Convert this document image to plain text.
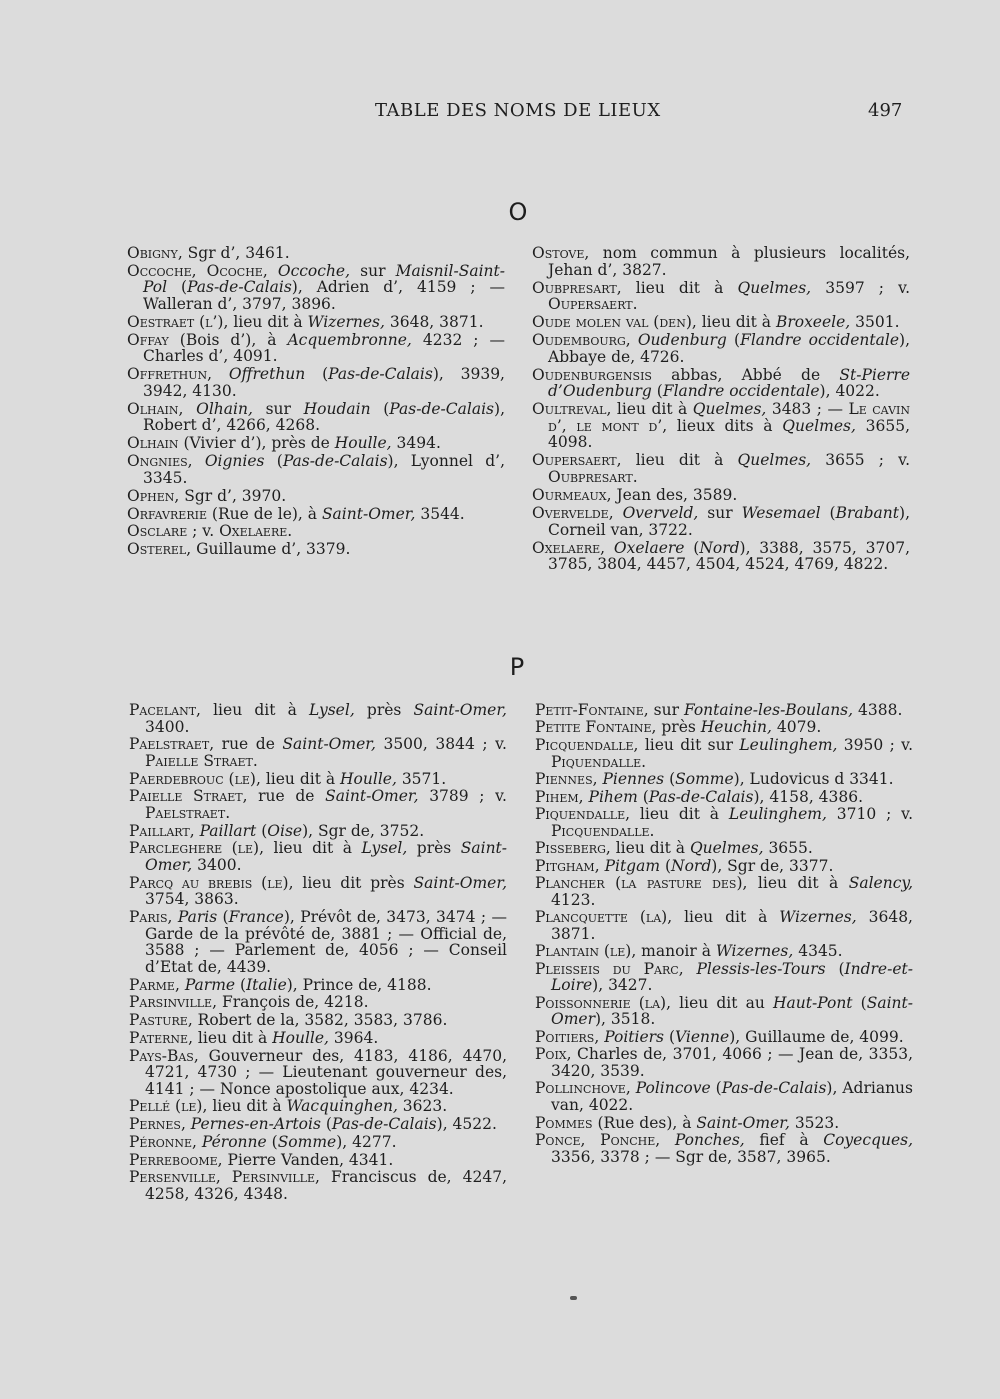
TABLE DES NOMS DE LIEUX	497
O
Obigny, Sgr d’, 3461.
Occoche, Ocoche, Occoche, sur Maisnil-Saint-Pol (Pas-de-Calais), Adrien d’, 4159 ; — Walleran d’, 3797, 3896.
Oestraet (l’), lieu dit à Wizernes, 3648, 3871.
Offay (Bois d’), à Acquembronne, 4232 ; — Charles d’, 4091.
Offrethun, Offrethun (Pas-de-Calais), 3939, 3942, 4130.
Olhain, Olhain, sur Houdain (Pas-de-Calais), Robert d’, 4266, 4268.
Olhain (Vivier d’), près de Houlle, 3494.
Ongnies, Oignies (Pas-de-Calais), Lyonnel d’, 3345.
Ophen, Sgr d’, 3970.
Orfavrerie (Rue de le), à Saint-Omer, 3544.
Osclare ; v. Oxelaere.
Osterel, Guillaume d’, 3379.
Ostove, nom commun à plusieurs localités, Jehan d’, 3827.
Oubpresart, lieu dit à Quelmes, 3597 ; v. Oupersaert.
Oude molen val (den), lieu dit à Broxeele, 3501.
Oudembourg, Oudenburg (Flandre occidentale), Abbaye de, 4726.
Oudenburgensis abbas, Abbé de St-Pierre d’Oudenburg (Flandre occidentale), 4022.
Oultreval, lieu dit à Quelmes, 3483 ; — Le cavin d’, le mont d’, lieux dits à Quelmes, 3655, 4098.
Oupersaert, lieu dit à Quelmes, 3655 ; v. Oubpresart.
Ourmeaux, Jean des, 3589.
Overvelde, Overveld, sur Wesemael (Brabant), Corneil van, 3722.
Oxelaere, Oxelaere (Nord), 3388, 3575, 3707, 3785, 3804, 4457, 4504, 4524, 4769, 4822.
P
Pacelant, lieu dit à Lysel, près Saint-Omer, 3400.
Paelstraet, rue de Saint-Omer, 3500, 3844 ; v. Paielle Straet.
Paerdebrouc (le), lieu dit à Houlle, 3571.
Paielle Straet, rue de Saint-Omer, 3789 ; v. Paelstraet.
Paillart, Paillart (Oise), Sgr de, 3752.
Parcleghere (le), lieu dit à Lysel, près Saint-Omer, 3400.
Parcq au brebis (le), lieu dit près Saint-Omer, 3754, 3863.
Paris, Paris (France), Prévôt de, 3473, 3474 ; — Garde de la prévôté de, 3881 ; — Official de, 3588 ; — Parlement de, 4056 ; — Conseil d’Etat de, 4439.
Parme, Parme (Italie), Prince de, 4188.
Parsinville, François de, 4218.
Pasture, Robert de la, 3582, 3583, 3786.
Paterne, lieu dit à Houlle, 3964.
Pays-Bas, Gouverneur des, 4183, 4186, 4470, 4721, 4730 ; — Lieutenant gouverneur des, 4141 ; — Nonce apostolique aux, 4234.
Pellé (le), lieu dit à Wacquinghen, 3623.
Pernes, Pernes-en-Artois (Pas-de-Calais), 4522.
Péronne, Péronne (Somme), 4277.
Perreboome, Pierre Vanden, 4341.
Persenville, Persinville, Franciscus de, 4247, 4258, 4326, 4348.
Petit-Fontaine, sur Fontaine-les-Boulans, 4388.
Petite Fontaine, près Heuchin, 4079.
Picquendalle, lieu dit sur Leulinghem, 3950 ; v. Piquendalle.
Piennes, Piennes (Somme), Ludovicus d 3341.
Pihem, Pihem (Pas-de-Calais), 4158, 4386.
Piquendalle, lieu dit à Leulinghem, 3710 ; v. Picquendalle.
Pisseberg, lieu dit à Quelmes, 3655.
Pitgham, Pitgam (Nord), Sgr de, 3377.
Plancher (la pasture des), lieu dit à Salency, 4123.
Plancquette (la), lieu dit à Wizernes, 3648, 3871.
Plantain (le), manoir à Wizernes, 4345.
Pleisseis du Parc, Plessis-les-Tours (Indre-et-Loire), 3427.
Poissonnerie (la), lieu dit au Haut-Pont (Saint-Omer), 3518.
Poitiers, Poitiers (Vienne), Guillaume de, 4099.
Poix, Charles de, 3701, 4066 ; — Jean de, 3353, 3420, 3539.
Pollinchove, Polincove (Pas-de-Calais), Adrianus van, 4022.
Pommes (Rue des), à Saint-Omer, 3523.
Ponce, Ponche, Ponches, fief à Coyecques, 3356, 3378 ; — Sgr de, 3587, 3965.
